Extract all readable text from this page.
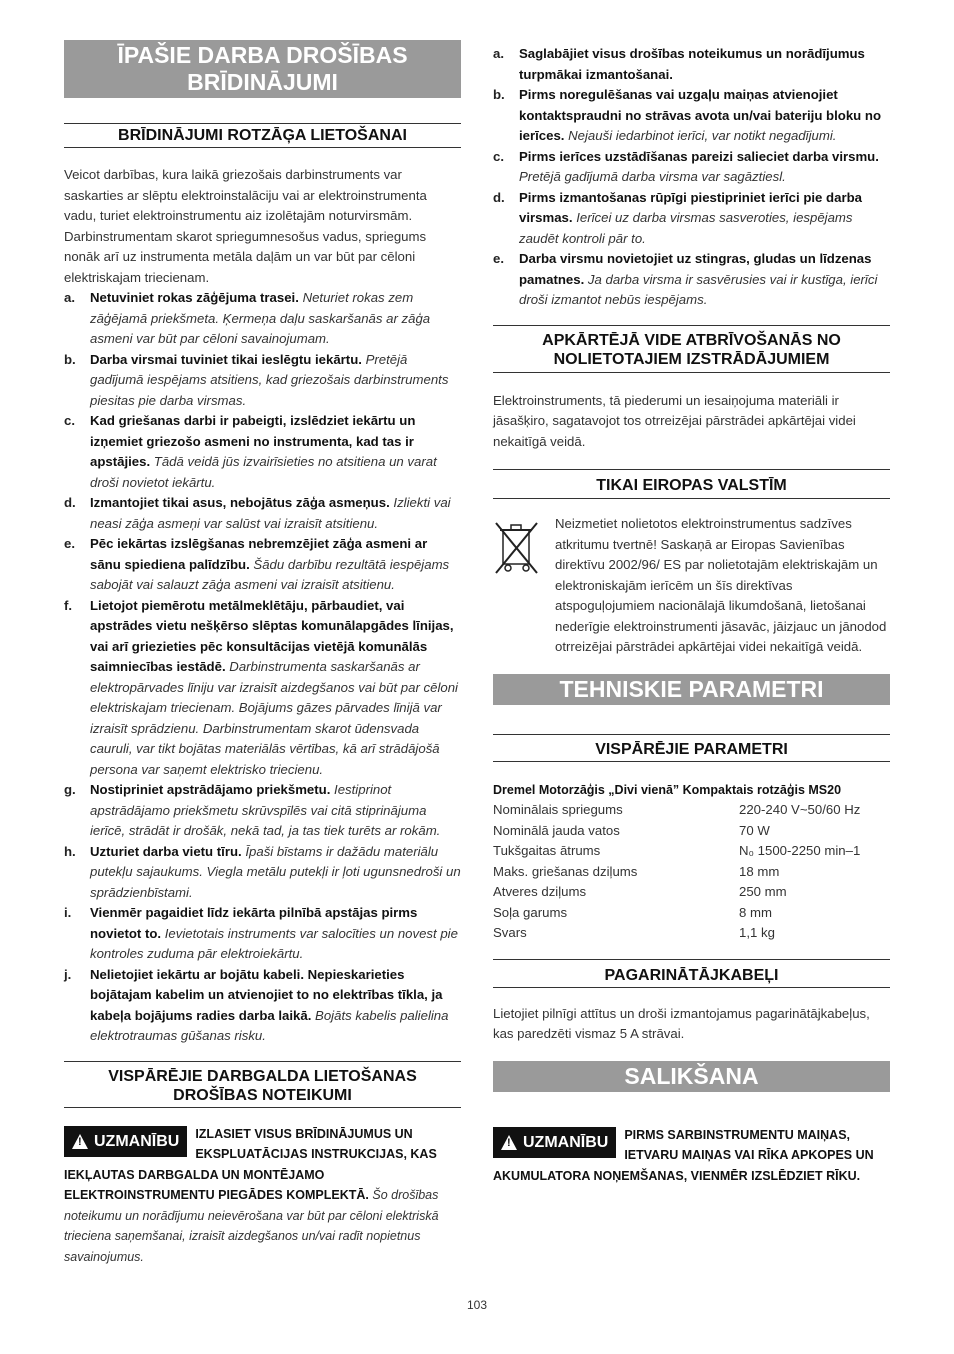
ĪPAŠIE DARBA DROŠĪBAS BRĪDINĀJUMI
BRĪDINĀJUMI ROTZĀĢA LIETOŠANAI

Veicot darbības, kura laikā griezošais darbinstruments var saskarties ar slēptu elektroinstalāciju vai ar elektroinstrumenta vadu, turiet elektroinstrumentu aiz izolētajām noturvirsmām. Darbinstrumentam skarot spriegumnesošus vadus, spriegums nonāk arī uz instrumenta metāla daļām un var būt par cēloni elektriskajam triecienam.

a.	Netuviniet rokas zāģējuma trasei. Neturiet rokas zem zāģējamā priekšmeta. Ķermeņa daļu saskaršanās ar zāģa asmeni var būt par cēloni savainojumam.
b.	Darba virsmai tuviniet tikai ieslēgtu iekārtu. Pretējā gadījumā iespējams atsitiens, kad griezošais darbinstruments piesitas pie darba virsmas.
c.	Kad griešanas darbi ir pabeigti, izslēdziet iekārtu un izņemiet griezošo asmeni no instrumenta, kad tas ir apstājies. Tādā veidā jūs izvairīsieties no atsitiena un varat droši novietot iekārtu.
d.	Izmantojiet tikai asus, nebojātus zāģa asmeņus. Izliekti vai neasi zāģa asmeņi var salūst vai izraisīt atsitienu.
e.	Pēc iekārtas izslēgšanas nebremzējiet zāģa asmeni ar sānu spiediena palīdzību. Šādu darbību rezultātā iespējams sabojāt vai salauzt zāģa asmeni vai izraisīt atsitienu.
f.	Lietojot piemērotu metālmeklētāju, pārbaudiet, vai apstrādes vietu nešķērso slēptas komunālapgādes līnijas, vai arī griezieties pēc konsultācijas vietējā komunālās saimniecības iestādē. Darbinstrumenta saskaršanās ar elektropārvades līniju var izraisīt aizdegšanos vai būt par cēloni elektriskajam triecienam. Bojājums gāzes pārvades līnijā var izraisīt sprādzienu. Darbinstrumentam skarot ūdensvada cauruli, var tikt bojātas materiālās vērtības, kā arī strādājošā persona var saņemt elektrisko triecienu.
g.	Nostipriniet apstrādājamo priekšmetu. Iestiprinot apstrādājamo priekšmetu skrūvspīlēs vai citā stiprinājuma ierīcē, strādāt ir drošāk, nekā tad, ja tas tiek turēts ar rokām.
h.	Uzturiet darba vietu tīru. Īpaši bīstams ir dažādu materiālu putekļu sajaukums. Viegla metālu putekļi ir ļoti ugunsnedroši un sprādzienbīstami.
i.	Vienmēr pagaidiet līdz iekārta pilnībā apstājas pirms novietot to. Ievietotais instruments var salocīties un novest pie kontroles zuduma pār elektroiekārtu.
j.	Nelietojiet iekārtu ar bojātu kabeli. Nepieskarieties bojātajam kabelim un atvienojiet to no elektrības tīkla, ja kabeļa bojājums radies darba laikā. Bojāts kabelis palielina elektrotraumas gūšanas risku.
VISPĀRĒJIE DARBGALDA LIETOŠANAS DROŠĪBAS NOTEIKUMI
!
UZMANĪBU IZLASIET VISUS BRĪDINĀJUMUS UN EKSPLUATĀCIJAS INSTRUKCIJAS, KAS IEKĻAUTAS DARBGALDA UN MONTĒJAMO ELEKTROINSTRUMENTU PIEGĀDES KOMPLEKTĀ. Šo drošības noteikumu un norādījumu neievērošana var būt par cēloni elektriskā trieciena saņemšanai, izraisīt aizdegšanos un/vai radīt nopietnus savainojumus.
a.	Saglabājiet visus drošības noteikumus un norādījumus turpmākai izmantošanai.
b.	Pirms noregulēšanas vai uzgaļu maiņas atvienojiet kontaktspraudni no strāvas avota un/vai bateriju bloku no ierīces. Nejauši iedarbinot ierīci, var notikt negadījumi.
c.	Pirms ierīces uzstādīšanas pareizi salieciet darba virsmu. Pretējā gadījumā darba virsma var sagāztiesl.
d.	Pirms izmantošanas rūpīgi piestipriniet ierīci pie darba virsmas. Ierīcei uz darba virsmas sasveroties, iespējams zaudēt kontroli pār to.
e.	Darba virsmu novietojiet uz stingras, gludas un līdzenas pamatnes. Ja darba virsma ir sasvērusies vai ir kustīga, ierīci droši izmantot nebūs iespējams.
APKĀRTĒJĀ VIDE ATBRĪVOŠANĀS NO NOLIETOTAJIEM IZSTRĀDĀJUMIEM

Elektroinstruments, tā piederumi un iesaiņojuma materiāli ir jāsašķiro, sagatavojot tos otrreizējai pārstrādei apkārtējai videi nekaitīgā veidā.

TIKAI EIROPAS VALSTĪM

Neizmetiet nolietotos elektroinstrumentus sadzīves atkritumu tvertnē! Saskaņā ar Eiropas Savienības direktīvu 2002/96/ ES par nolietotajām elektriskajām un elektroniskajām ierīcēm un šīs direktīvas atspoguļojumiem nacionālajā likumdošanā, lietošanai nederīgie elektroinstrumenti jāsavāc, jāizjauc un jānodod otrreizējai pārstrādei apkārtējai videi nekaitīgā veidā.

TEHNISKIE PARAMETRI
VISPĀRĒJIE PARAMETRI

Dremel Motorzāģis „Divi vienā” Kompaktais rotzāģis MS20

Nominālais spriegums	220-240 V~50/60 Hz
Nominālā jauda vatos	70 W
Tukšgaitas ātrums	N₀ 1500-2250 min–1
Maks. griešanas dziļums	18 mm
Atveres dziļums	250 mm
Soļa garums	8 mm
Svars	1,1 kg
PAGARINĀTĀJKABEĻI

Lietojiet pilnīgi attītus un droši izmantojamus pagarinātājkabeļus, kas paredzēti vismaz 5 A strāvai.

SALIKŠANA
!
UZMANĪBU PIRMS SARBINSTRUMENTU MAIŅAS, IETVARU MAIŅAS VAI RĪKA APKOPES UN AKUMULATORA NOŅEMŠANAS, VIENMĒR IZSLĒDZIET RĪKU.
103
